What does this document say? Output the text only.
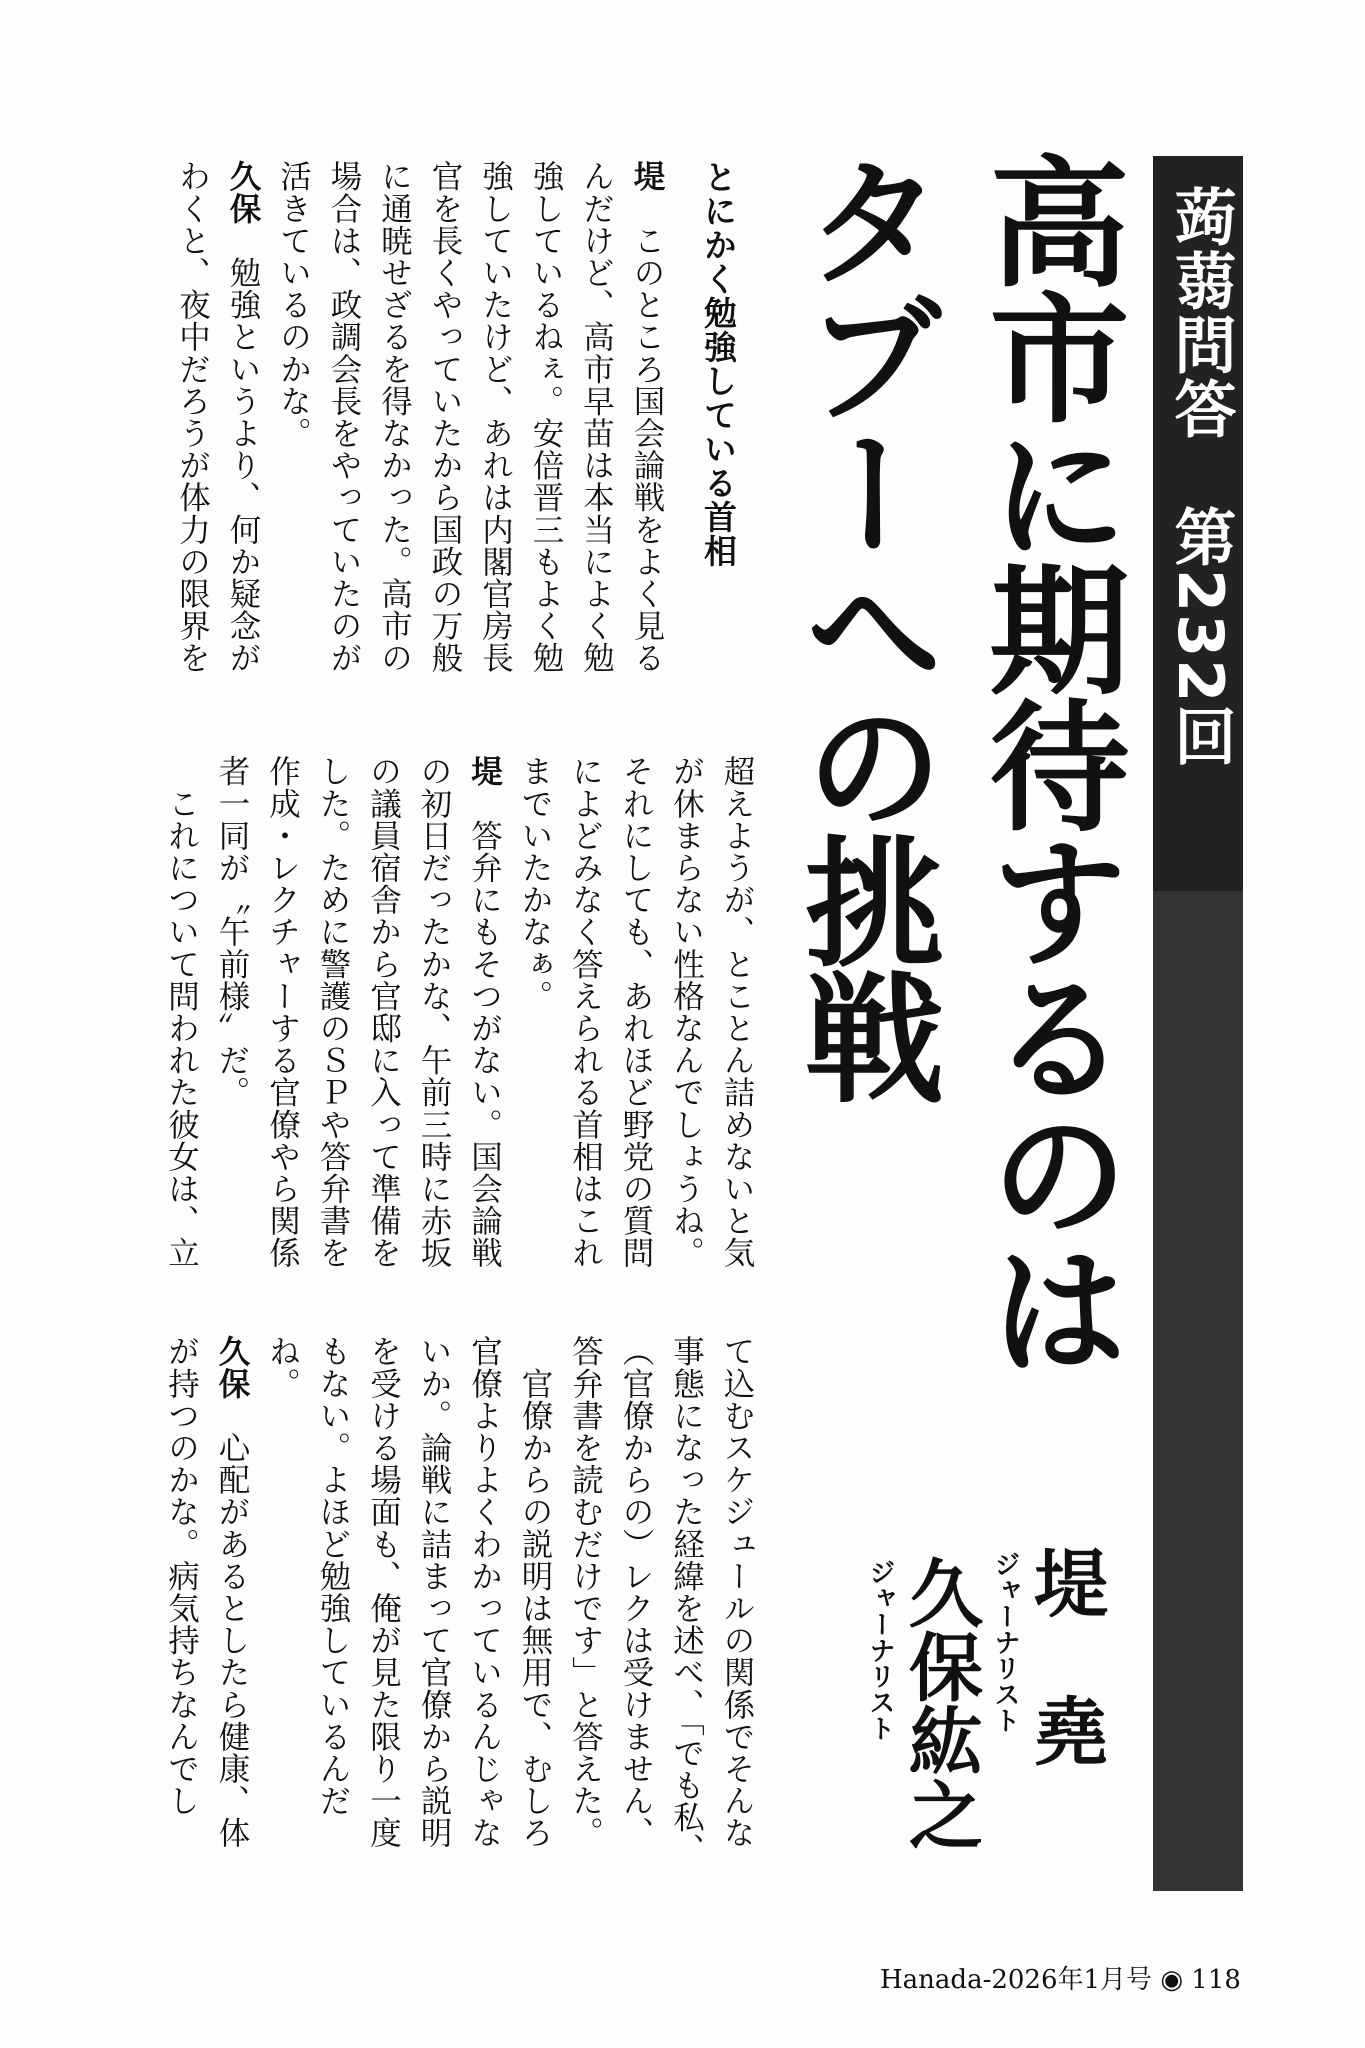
蒟蒻問答　第232回
高市に期待するのは
タブーへの挑戦
堤　堯
ジャーナリスト
久保紘之
ジャーナリスト
とにかく勉強している首相

堤　このところ国会論戦をよく見るんだけど、高市早苗は本当によく勉強しているねぇ。安倍晋三もよく勉強していたけど、あれは内閣官房長官を長くやっていたから国政の万般に通暁せざるを得なかった。高市の場合は、政調会長をやっていたのが活きているのかな。

久保　勉強というより、何か疑念がわくと、夜中だろうが体力の限界を

超えようが、とことん詰めないと気が休まらない性格なんでしょうね。それにしても、あれほど野党の質問によどみなく答えられる首相はこれまでいたかなぁ。

堤　答弁にもそつがない。国会論戦の初日だったかな、午前三時に赤坂の議員宿舎から官邸に入って準備をした。ために警護のＳＰや答弁書を作成・レクチャーする官僚やら関係者一同が〝午前様〟だ。

　これについて問われた彼女は、立

て込むスケジュールの関係でそんな事態になった経緯を述べ、「でも私、（官僚からの）レクは受けません、答弁書を読むだけです」と答えた。

　官僚からの説明は無用で、むしろ官僚よりよくわかっているんじゃないか。論戦に詰まって官僚から説明を受ける場面も、俺が見た限り一度もない。よほど勉強しているんだね。

久保　心配があるとしたら健康、体が持つのかな。病気持ちなんでし

Hanada-2026年1月号 ◉ 118
